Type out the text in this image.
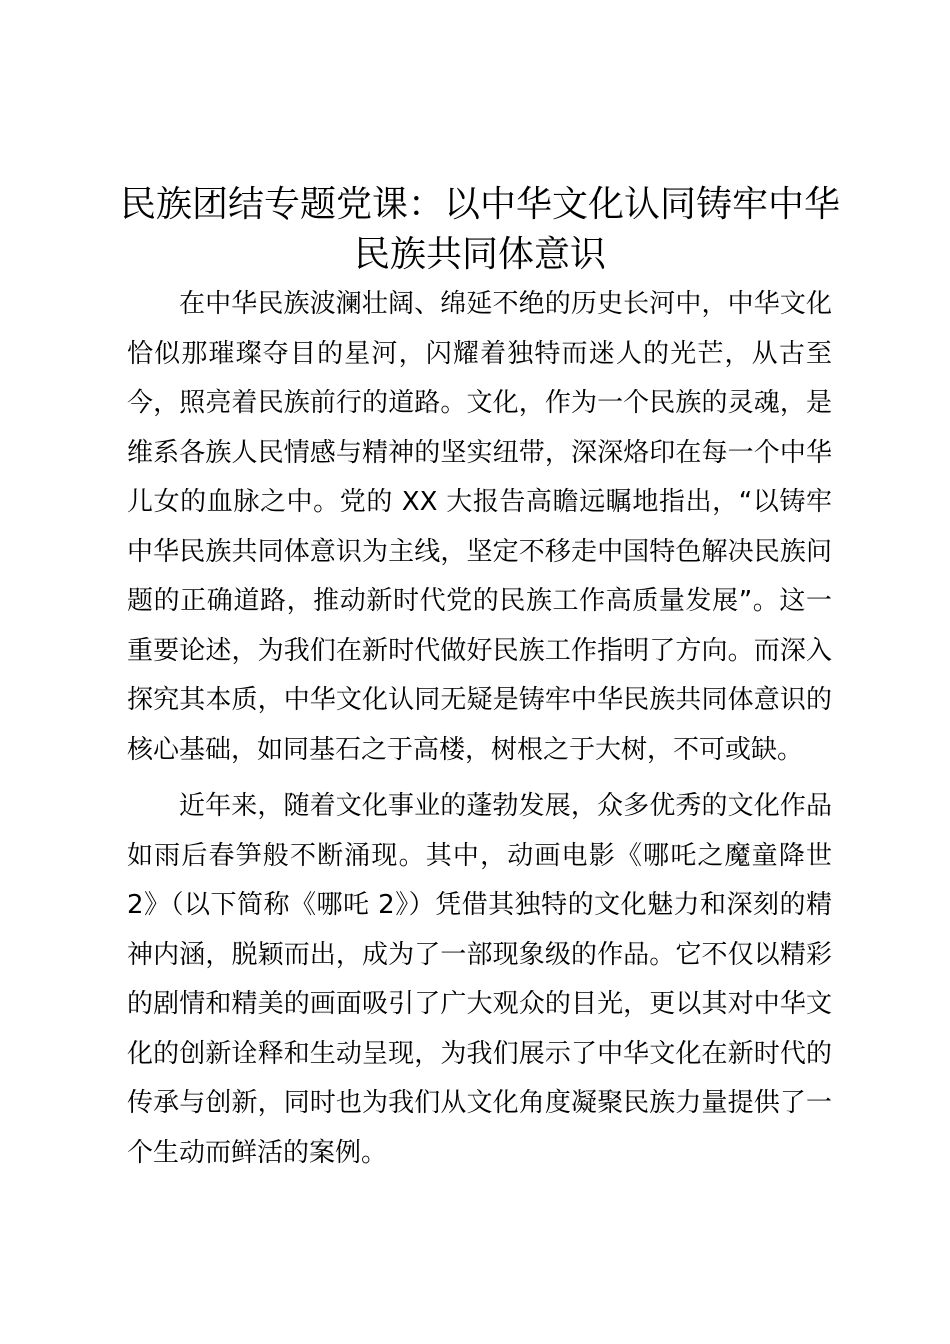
民族团结专题党课：以中华文化认同铸牢中华
民族共同体意识

在中华民族波澜壮阔、绵延不绝的历史长河中，中华文化恰似那璀璨夺目的星河，闪耀着独特而迷人的光芒，从古至今，照亮着民族前行的道路。文化，作为一个民族的灵魂，是维系各族人民情感与精神的坚实纽带，深深烙印在每一个中华儿女的血脉之中。党的 XX 大报告高瞻远瞩地指出，“以铸牢中华民族共同体意识为主线，坚定不移走中国特色解决民族问题的正确道路，推动新时代党的民族工作高质量发展”。这一重要论述，为我们在新时代做好民族工作指明了方向。而深入探究其本质，中华文化认同无疑是铸牢中华民族共同体意识的核心基础，如同基石之于高楼，树根之于大树，不可或缺。

近年来，随着文化事业的蓬勃发展，众多优秀的文化作品如雨后春笋般不断涌现。其中，动画电影《哪吒之魔童降世2》（以下简称《哪吒 2》）凭借其独特的文化魅力和深刻的精神内涵，脱颖而出，成为了一部现象级的作品。它不仅以精彩的剧情和精美的画面吸引了广大观众的目光，更以其对中华文化的创新诠释和生动呈现，为我们展示了中华文化在新时代的传承与创新，同时也为我们从文化角度凝聚民族力量提供了一个生动而鲜活的案例。
